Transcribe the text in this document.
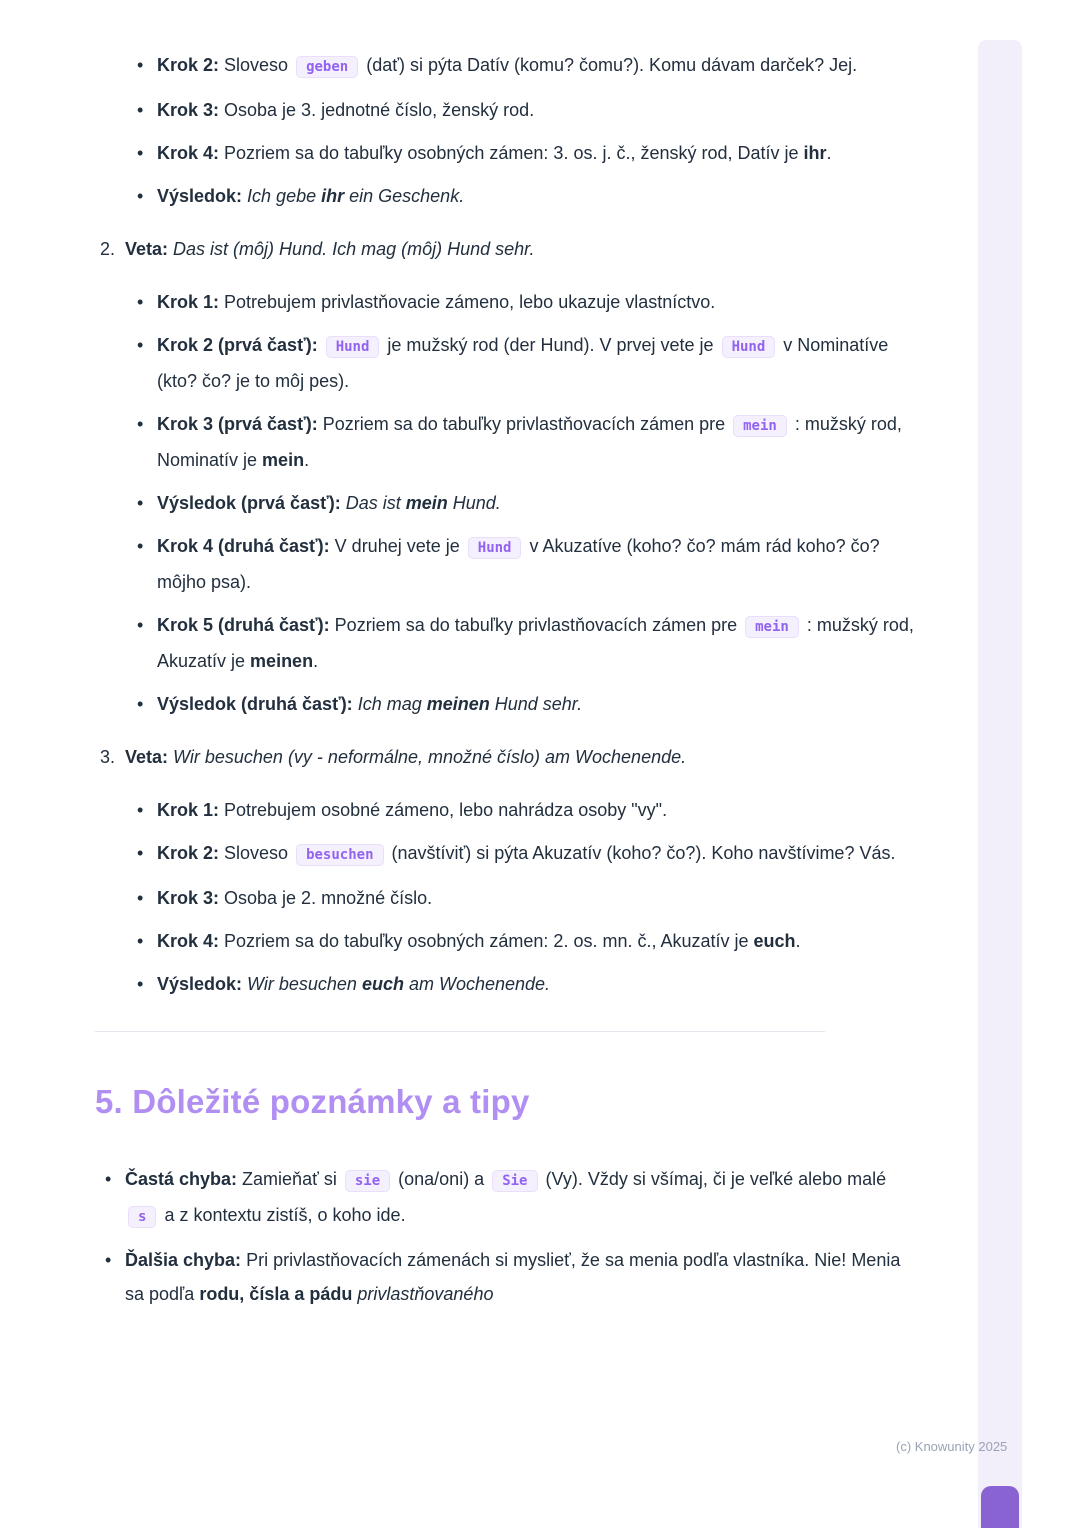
• Krok 2: Sloveso geben (dať) si pýta Datív (komu? čomu?). Komu dávam darček? Jej.
• Krok 3: Osoba je 3. jednotné číslo, ženský rod.
• Krok 4: Pozriem sa do tabuľky osobných zámen: 3. os. j. č., ženský rod, Datív je ihr.
• Výsledok: Ich gebe ihr ein Geschenk.
2. Veta: Das ist (môj) Hund. Ich mag (môj) Hund sehr.
• Krok 1: Potrebujem privlastňovacie zámeno, lebo ukazuje vlastníctvo.
• Krok 2 (prvá časť): Hund je mužský rod (der Hund). V prvej vete je Hund v Nominatíve (kto? čo? je to môj pes).
• Krok 3 (prvá časť): Pozriem sa do tabuľky privlastňovacích zámen pre mein : mužský rod, Nominatív je mein.
• Výsledok (prvá časť): Das ist mein Hund.
• Krok 4 (druhá časť): V druhej vete je Hund v Akuzatíve (koho? čo? mám rád koho? čo? môjho psa).
• Krok 5 (druhá časť): Pozriem sa do tabuľky privlastňovacích zámen pre mein : mužský rod, Akuzatív je meinen.
• Výsledok (druhá časť): Ich mag meinen Hund sehr.
3. Veta: Wir besuchen (vy - neformálne, množné číslo) am Wochenende.
• Krok 1: Potrebujem osobné zámeno, lebo nahrádza osoby "vy".
• Krok 2: Sloveso besuchen (navštíviť) si pýta Akuzatív (koho? čo?). Koho navštívime? Vás.
• Krok 3: Osoba je 2. množné číslo.
• Krok 4: Pozriem sa do tabuľky osobných zámen: 2. os. mn. č., Akuzatív je euch.
• Výsledok: Wir besuchen euch am Wochenende.
5. Dôležité poznámky a tipy
• Častá chyba: Zamieňať si sie (ona/oni) a Sie (Vy). Vždy si všímaj, či je veľké alebo malé s a z kontextu zistíš, o koho ide.
• Ďalšia chyba: Pri privlastňovacích zámenách si myslieť, že sa menia podľa vlastníka. Nie! Menia sa podľa rodu, čísla a pádu privlastňovaného
(c) Knowunity 2025
